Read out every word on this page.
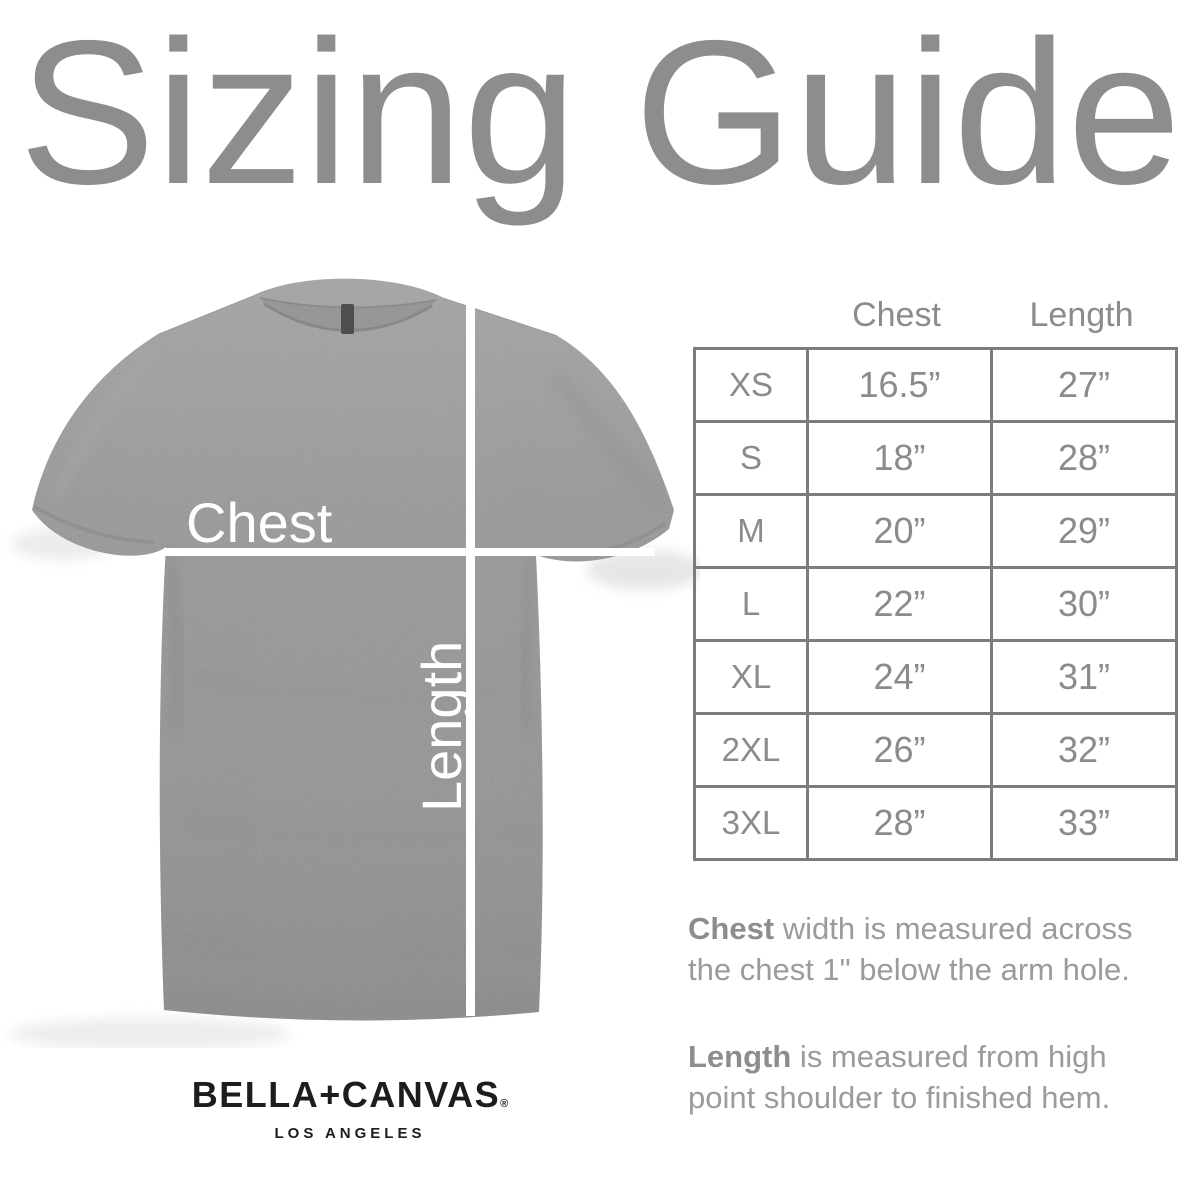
Sizing Guide
Chest
Length
Chest	Length
XS	16.5”	27”
S	18”	28”
M	20”	29”
L	22”	30”
XL	24”	31”
2XL	26”	32”
3XL	28”	33”

Chest width is measured across
the chest 1" below the arm hole.

Length is measured from high
point shoulder to finished hem.

BELLA+CANVAS®
LOS ANGELES
